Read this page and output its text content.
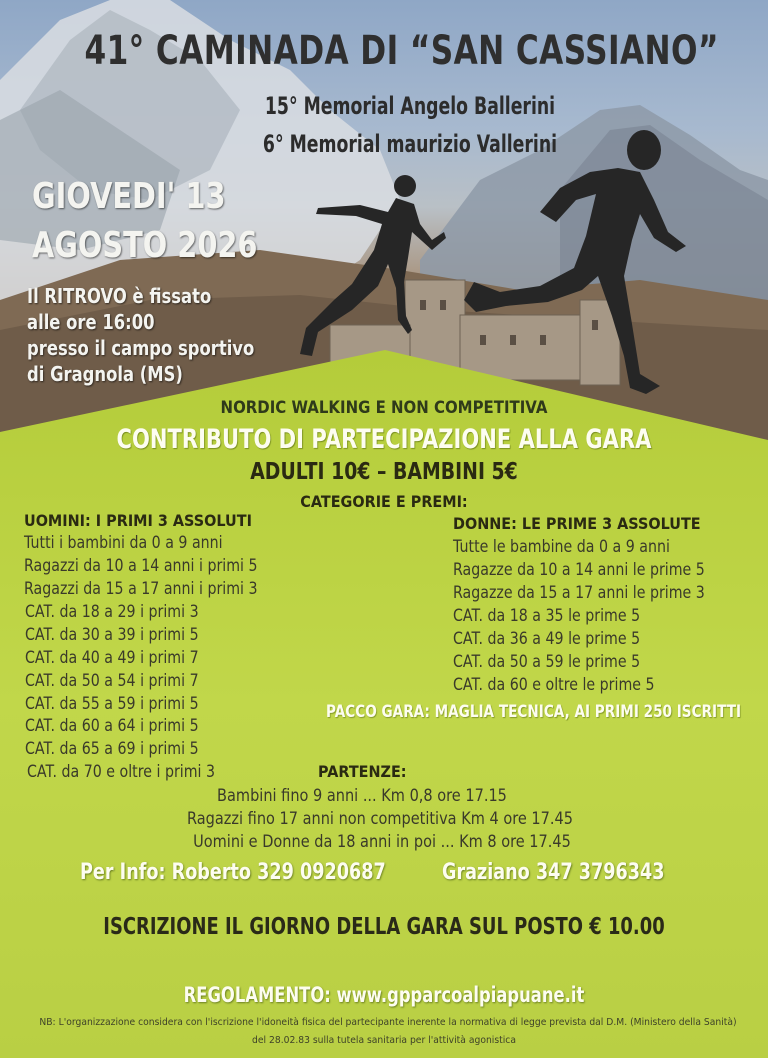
41° CAMINADA DI “SAN CASSIANO”
15° Memorial Angelo Ballerini
6° Memorial maurizio Vallerini
GIOVEDI' 13
AGOSTO 2026
Il RITROVO è fissato
alle ore 16:00
presso il campo sportivo
di Gragnola (MS)
NORDIC WALKING E NON COMPETITIVA
CONTRIBUTO DI PARTECIPAZIONE ALLA GARA
ADULTI 10€ – BAMBINI 5€
CATEGORIE E PREMI:
UOMINI: I PRIMI 3 ASSOLUTI
Tutti i bambini da 0 a 9 anni
Ragazzi da 10 a 14 anni i primi 5
Ragazzi da 15 a 17 anni i primi 3
CAT. da 18 a 29 i primi 3
CAT. da 30 a 39 i primi 5
CAT. da 40 a 49 i primi 7
CAT. da 50 a 54 i primi 7
CAT. da 55 a 59 i primi 5
CAT. da 60 a 64 i primi 5
CAT. da 65 a 69 i primi 5
CAT. da 70 e oltre i primi 3
DONNE: LE PRIME 3 ASSOLUTE
Tutte le bambine da 0 a 9 anni
Ragazze da 10 a 14 anni le prime 5
Ragazze da 15 a 17 anni le prime 3
CAT. da 18 a 35 le prime 5
CAT. da 36 a 49 le prime 5
CAT. da 50 a 59 le prime 5
CAT. da 60 e oltre le prime 5
PACCO GARA: MAGLIA TECNICA, AI PRIMI 250 ISCRITTI
PARTENZE:
Bambini fino 9 anni ... Km 0,8 ore 17.15
Ragazzi fino 17 anni non competitiva Km 4 ore 17.45
Uomini e Donne da 18 anni in poi ... Km 8 ore 17.45
Per Info: Roberto 329 0920687	Graziano 347 3796343
ISCRIZIONE IL GIORNO DELLA GARA SUL POSTO € 10.00
REGOLAMENTO: www.gpparcoalpiapuane.it
NB: L'organizzazione considera con l'iscrizione l'idoneità fisica del partecipante inerente la normativa di legge prevista dal D.M. (Ministero della Sanità)
del 28.02.83 sulla tutela sanitaria per l'attività agonistica
